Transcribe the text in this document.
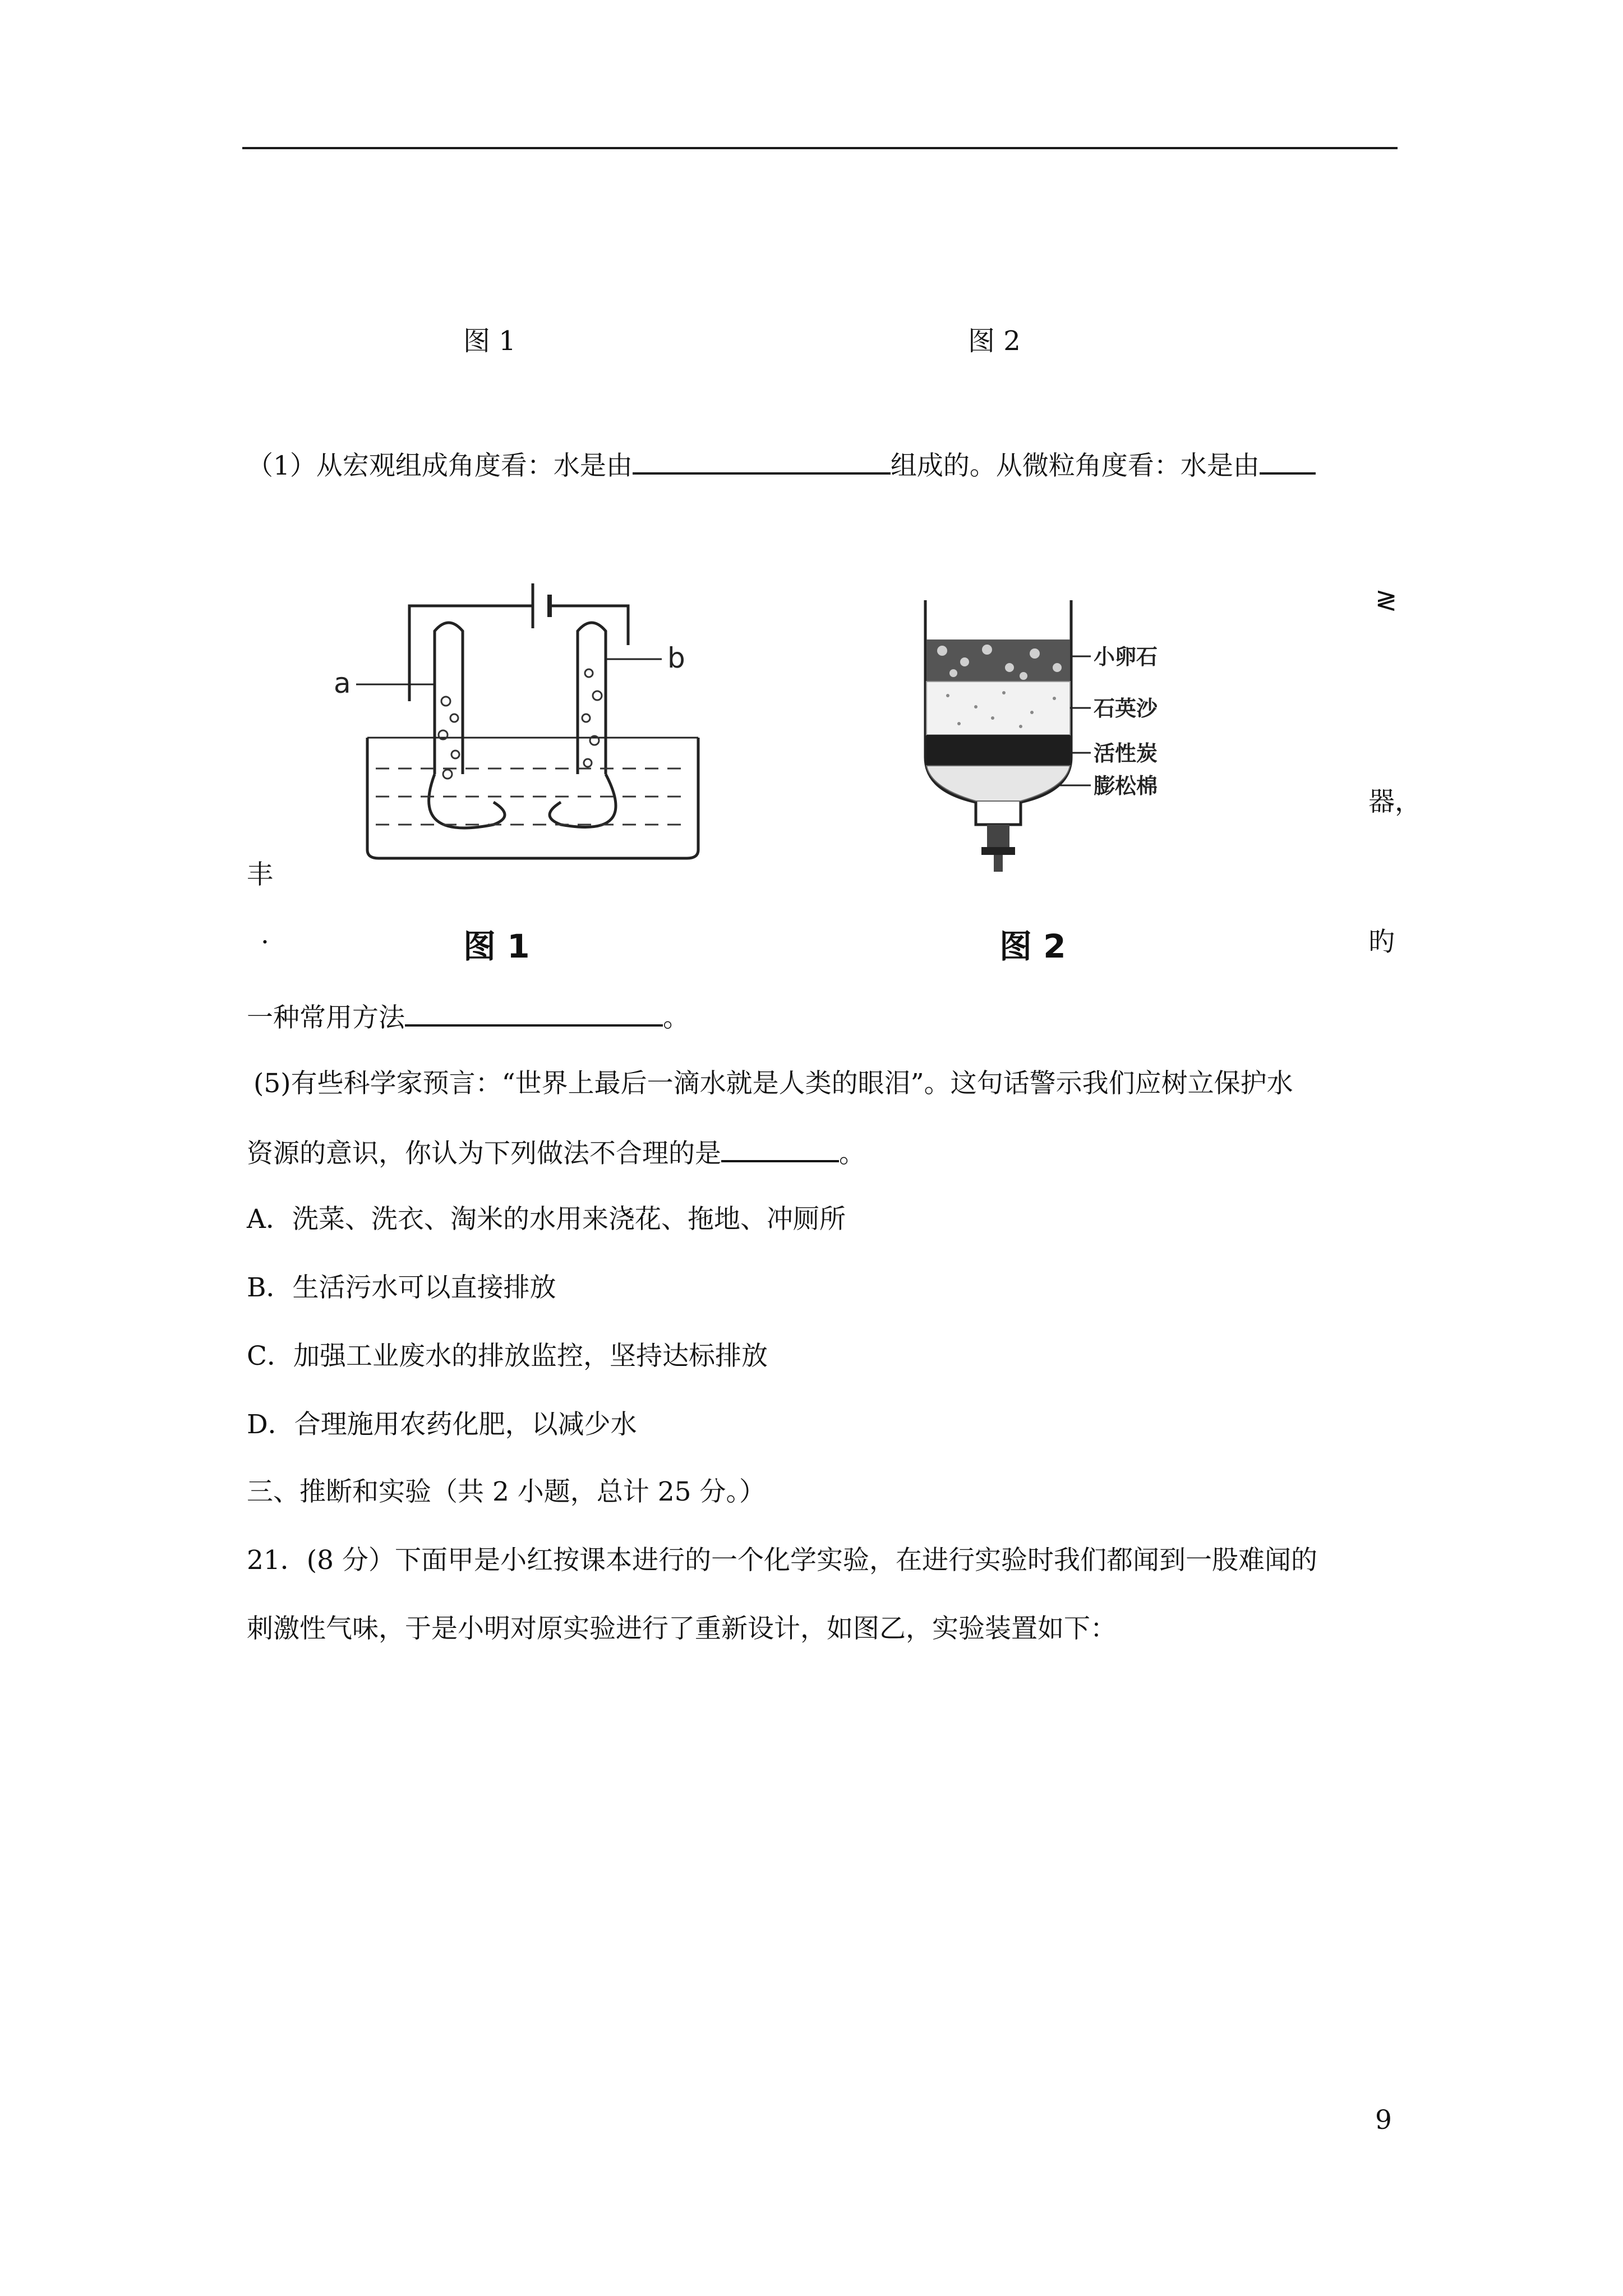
图 1	图 2
（1）从宏观组成角度看：水是由	组成的。从微粒角度看：水是由
a
b	小卵石
石英沙
活性炭
膨松棉
图 1	图 2
≷
器，
丰
旳
·
一种常用方法	。
(5)有些科学家预言：“世界上最后一滴水就是人类的眼泪”。这句话警示我们应树立保护水
资源的意识，你认为下列做法不合理的是	。
A．洗菜、洗衣、淘米的水用来浇花、拖地、冲厕所
B．生活污水可以直接排放
C．加强工业废水的排放监控，坚持达标排放
D．合理施用农药化肥，以减少水
三、推断和实验（共 2 小题，总计 25 分。）
21．(8 分）下面甲是小红按课本进行的一个化学实验，在进行实验时我们都闻到一股难闻的
刺激性气味，于是小明对原实验进行了重新设计，如图乙，实验装置如下：
9
